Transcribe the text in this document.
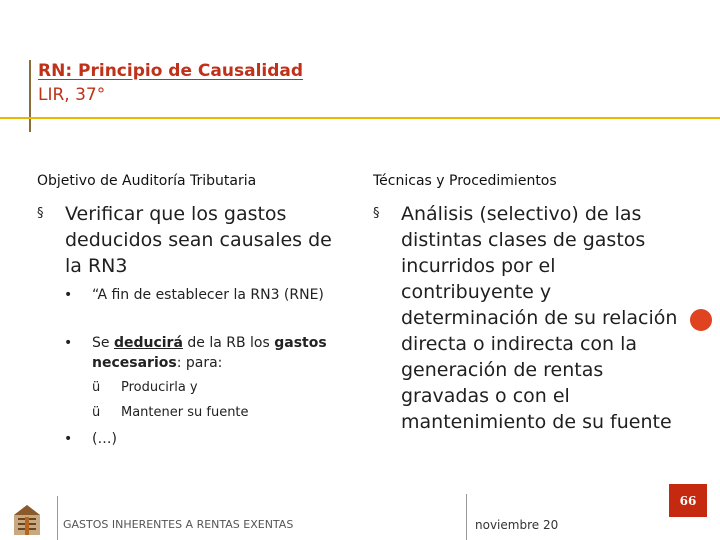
RN: Principio de Causalidad
LIR, 37°
Objetivo de Auditoría Tributaria	Técnicas y Procedimientos
§	Verificar que los gastos deducidos sean causales de la RN3
•	“A fin de establecer la RN3 (RNE)
•	Se deducirá de la RB los gastos necesarios: para:
ü	Producirla y
ü	Mantener su fuente
•	(…)
§	Análisis (selectivo) de las distintas clases de gastos incurridos por el contribuyente y determinación de su relación directa o indirecta con la generación de rentas gravadas o con el mantenimiento de su fuente
66
GASTOS INHERENTES A RENTAS EXENTAS	noviembre 20
